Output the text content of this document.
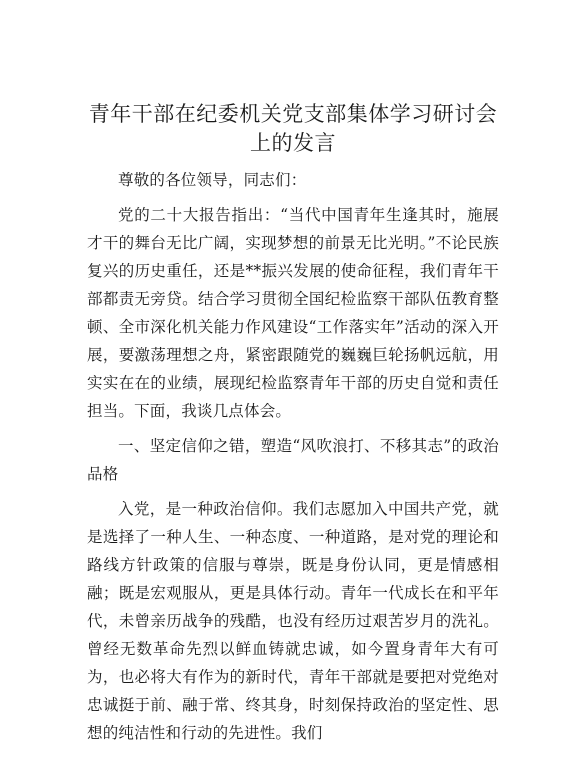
青年干部在纪委机关党支部集体学习研讨会上的发言

尊敬的各位领导，同志们：

党的二十大报告指出：“当代中国青年生逢其时，施展才干的舞台无比广阔，实现梦想的前景无比光明。”不论民族复兴的历史重任，还是**振兴发展的使命征程，我们青年干部都责无旁贷。结合学习贯彻全国纪检监察干部队伍教育整顿、全市深化机关能力作风建设“工作落实年”活动的深入开展，要激荡理想之舟，紧密跟随党的巍巍巨轮扬帆远航，用实实在在的业绩，展现纪检监察青年干部的历史自觉和责任担当。下面，我谈几点体会。

一、坚定信仰之错，塑造“风吹浪打、不移其志”的政治品格

入党，是一种政治信仰。我们志愿加入中国共产党，就是选择了一种人生、一种态度、一种道路，是对党的理论和路线方针政策的信服与尊崇，既是身份认同，更是情感相融；既是宏观服从，更是具体行动。青年一代成长在和平年代，未曾亲历战争的残酷，也没有经历过艰苦岁月的洗礼。曾经无数革命先烈以鲜血铸就忠诚，如今置身青年大有可为，也必将大有作为的新时代，青年干部就是要把对党绝对忠诚挺于前、融于常、终其身，时刻保持政治的坚定性、思想的纯洁性和行动的先进性。我们
